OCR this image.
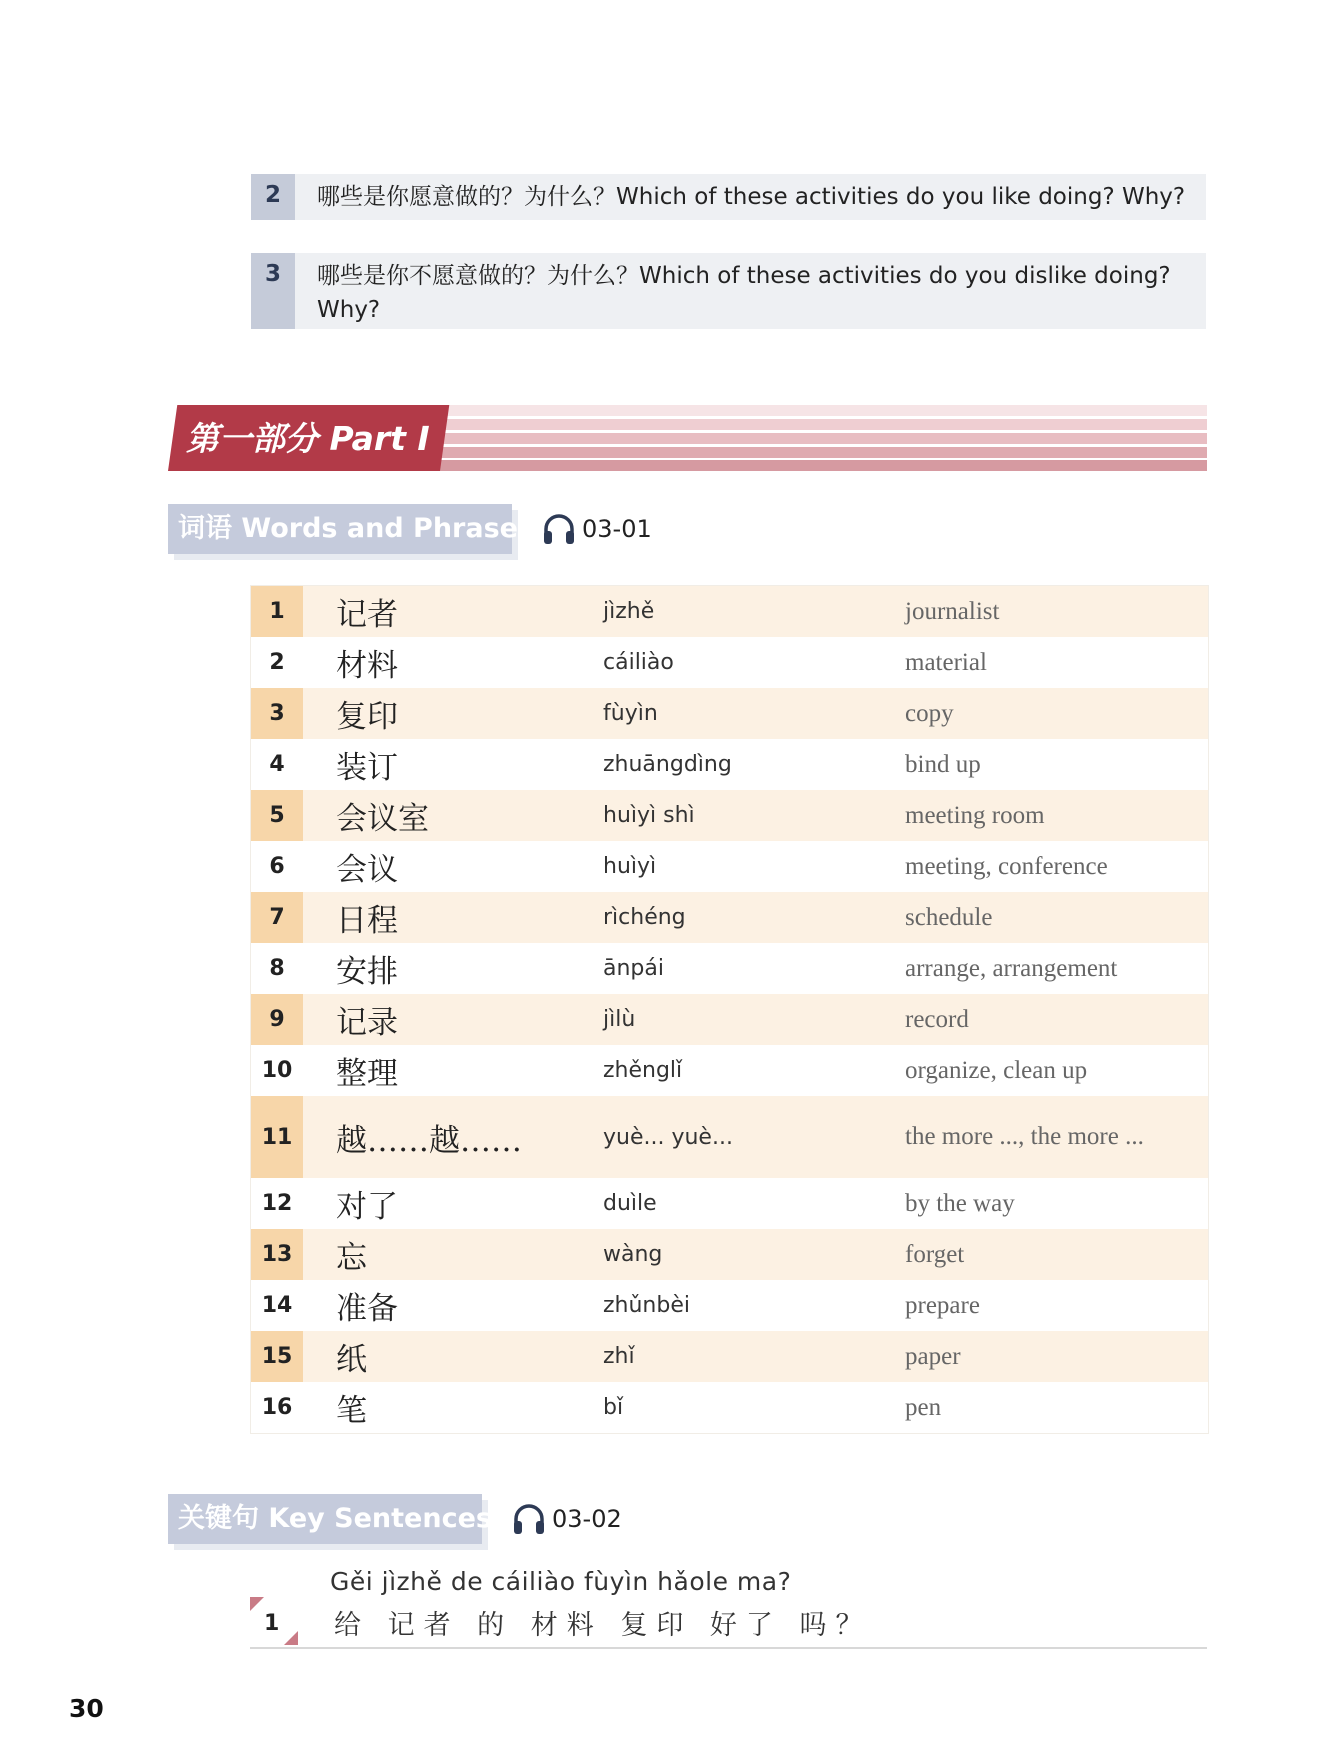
2	哪些是你愿意做的？为什么？Which of these activities do you like doing? Why?
3	哪些是你不愿意做的？为什么？Which of these activities do you dislike doing? Why?
第一部分 Part I
词语 Words and Phrases 03-01
1	记者	jìzhě	journalist
2	材料	cáiliào	material
3	复印	fùyìn	copy
4	装订	zhuāngdìng	bind up
5	会议室	huìyì shì	meeting room
6	会议	huìyì	meeting, conference
7	日程	rìchéng	schedule
8	安排	ānpái	arrange, arrangement
9	记录	jìlù	record
10	整理	zhěnglǐ	organize, clean up
11	越……越……	yuè... yuè...	the more ..., the more ...
12	对了	duìle	by the way
13	忘	wàng	forget
14	准备	zhǔnbèi	prepare
15	纸	zhǐ	paper
16	笔	bǐ	pen
关键句 Key Sentences	03-02
1
Gěi jìzhě de cáiliào fùyìn hǎole ma?
给 记者 的 材料 复印 好了 吗？
30
